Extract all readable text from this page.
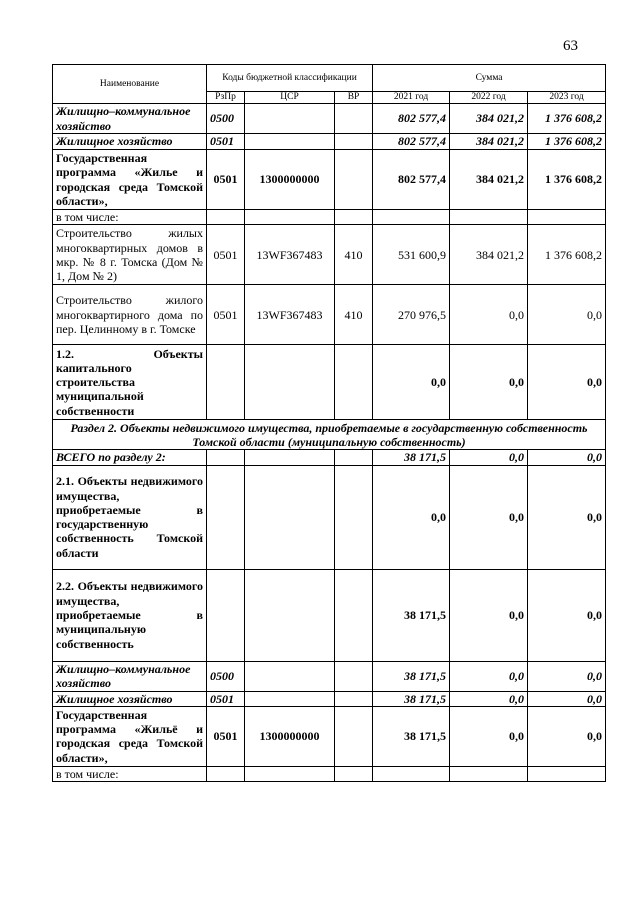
63
Наименование	Коды бюджетной классификации			Сумма		
	РзПр	ЦСР	ВР	2021 год	2022 год	2023 год
Жилищно–коммунальное хозяйство	0500			802 577,4	384 021,2	1 376 608,2
Жилищное хозяйство	0501			802 577,4	384 021,2	1 376 608,2
Государственная программа «Жилье и городская среда Томской области»,	0501	1300000000		802 577,4	384 021,2	1 376 608,2
в том числе:						
Строительство жилых многоквартирных домов в мкр. № 8 г. Томска (Дом № 1, Дом № 2)	0501	13WF367483	410	531 600,9	384 021,2	1 376 608,2
Строительство жилого многоквартирного дома по пер. Целинному в г. Томске	0501	13WF367483	410	270 976,5	0,0	0,0
1.2. Объекты капитального строительства муниципальной собственности				0,0	0,0	0,0
Раздел 2. Объекты недвижимого имущества, приобретаемые в государственную собственность Томской области (муниципальную собственность)						
ВСЕГО по разделу 2:				38 171,5	0,0	0,0
2.1. Объекты недвижимого имущества, приобретаемые в государственную собственность Томской области				0,0	0,0	0,0
2.2. Объекты недвижимого имущества, приобретаемые в муниципальную собственность				38 171,5	0,0	0,0
Жилищно–коммунальное хозяйство	0500			38 171,5	0,0	0,0
Жилищное хозяйство	0501			38 171,5	0,0	0,0
Государственная программа «Жильё и городская среда Томской области»,	0501	1300000000		38 171,5	0,0	0,0
в том числе:						
